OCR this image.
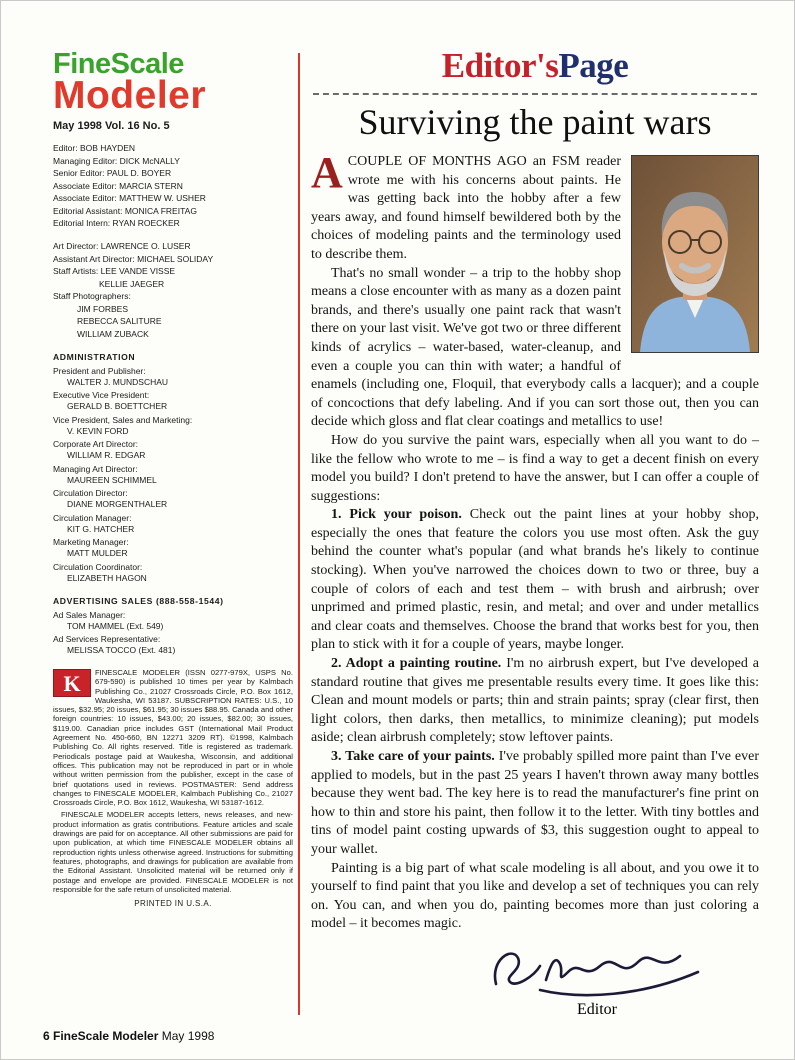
FineScale
Modeler
May 1998 Vol. 16 No. 5
Editor: BOB HAYDEN
Managing Editor: DICK McNALLY
Senior Editor: PAUL D. BOYER
Associate Editor: MARCIA STERN
Associate Editor: MATTHEW W. USHER
Editorial Assistant: MONICA FREITAG
Editorial Intern: RYAN ROECKER
Art Director: LAWRENCE O. LUSER
Assistant Art Director: MICHAEL SOLIDAY
Staff Artists: LEE VANDE VISSE
KELLIE JAEGER
Staff Photographers:
JIM FORBES
REBECCA SALITURE
WILLIAM ZUBACK
ADMINISTRATION
President and Publisher:
WALTER J. MUNDSCHAU
Executive Vice President:
GERALD B. BOETTCHER
Vice President, Sales and Marketing:
V. KEVIN FORD
Corporate Art Director:
WILLIAM R. EDGAR
Managing Art Director:
MAUREEN SCHIMMEL
Circulation Director:
DIANE MORGENTHALER
Circulation Manager:
KIT G. HATCHER
Marketing Manager:
MATT MULDER
Circulation Coordinator:
ELIZABETH HAGON
ADVERTISING SALES (888-558-1544)
Ad Sales Manager:
TOM HAMMEL (Ext. 549)
Ad Services Representative:
MELISSA TOCCO (Ext. 481)

K	FINESCALE MODELER (ISSN 0277-979X, USPS No. 679-590) is published 10 times per year by Kalmbach Publishing Co., 21027 Crossroads Circle, P.O. Box 1612, Waukesha, WI 53187. SUBSCRIPTION RATES: U.S., 10 issues, $32.95; 20 issues, $61.95; 30 issues $88.95. Canada and other foreign countries: 10 issues, $43.00; 20 issues, $82.00; 30 issues, $119.00. Canadian price includes GST (International Mail Product Agreement No. 450-660, BN 12271 3209 RT). ©1998, Kalmbach Publishing Co. All rights reserved. Title is registered as trademark. Periodicals postage paid at Waukesha, Wisconsin, and additional offices. This publication may not be reproduced in part or in whole without written permission from the publisher, except in the case of brief quotations used in reviews. POSTMASTER: Send address changes to FINESCALE MODELER, Kalmbach Publishing Co., 21027 Crossroads Circle, P.O. Box 1612, Waukesha, WI 53187-1612.

FINESCALE MODELER accepts letters, news releases, and new-product information as gratis contributions. Feature articles and scale drawings are paid for on acceptance. All other submissions are paid for upon publication, at which time FINESCALE MODELER obtains all reproduction rights unless otherwise agreed. Instructions for submitting features, photographs, and drawings for publication are available from the Editorial Assistant. Unsolicited material will be returned only if postage and envelope are provided. FINESCALE MODELER is not responsible for the safe return of unsolicited material.

PRINTED IN U.S.A.
Editor'sPage
Surviving the paint wars

ACOUPLE OF MONTHS AGO an FSM reader wrote me with his concerns about paints. He was getting back into the hobby after a few years away, and found himself bewildered both by the choices of modeling paints and the terminology used to describe them.

That's no small wonder – a trip to the hobby shop means a close encounter with as many as a dozen paint brands, and there's usually one paint rack that wasn't there on your last visit. We've got two or three different kinds of acrylics – water-based, water-cleanup, and even a couple you can thin with water; a handful of enamels (including one, Floquil, that everybody calls a lacquer); and a couple of concoctions that defy labeling. And if you can sort those out, then you can decide which gloss and flat clear coatings and metallics to use!

How do you survive the paint wars, especially when all you want to do – like the fellow who wrote to me – is find a way to get a decent finish on every model you build? I don't pretend to have the answer, but I can offer a couple of suggestions:

1. Pick your poison. Check out the paint lines at your hobby shop, especially the ones that feature the colors you use most often. Ask the guy behind the counter what's popular (and what brands he's likely to continue stocking). When you've narrowed the choices down to two or three, buy a couple of colors of each and test them – with brush and airbrush; over unprimed and primed plastic, resin, and metal; and over and under metallics and clear coats and themselves. Choose the brand that works best for you, then plan to stick with it for a couple of years, maybe longer.

2. Adopt a painting routine. I'm no airbrush expert, but I've developed a standard routine that gives me presentable results every time. It goes like this: Clean and mount models or parts; thin and strain paints; spray (clear first, then light colors, then darks, then metallics, to minimize cleaning); put models aside; clean airbrush completely; stow leftover paints.

3. Take care of your paints. I've probably spilled more paint than I've ever applied to models, but in the past 25 years I haven't thrown away many bottles because they went bad. The key here is to read the manufacturer's fine print on how to thin and store his paint, then follow it to the letter. With tiny bottles and tins of model paint costing upwards of $3, this suggestion ought to appeal to your wallet.

Painting is a big part of what scale modeling is all about, and you owe it to yourself to find paint that you like and develop a set of techniques you can rely on. You can, and when you do, painting becomes more than just coloring a model – it becomes magic.

Editor
6 FineScale Modeler May 1998
